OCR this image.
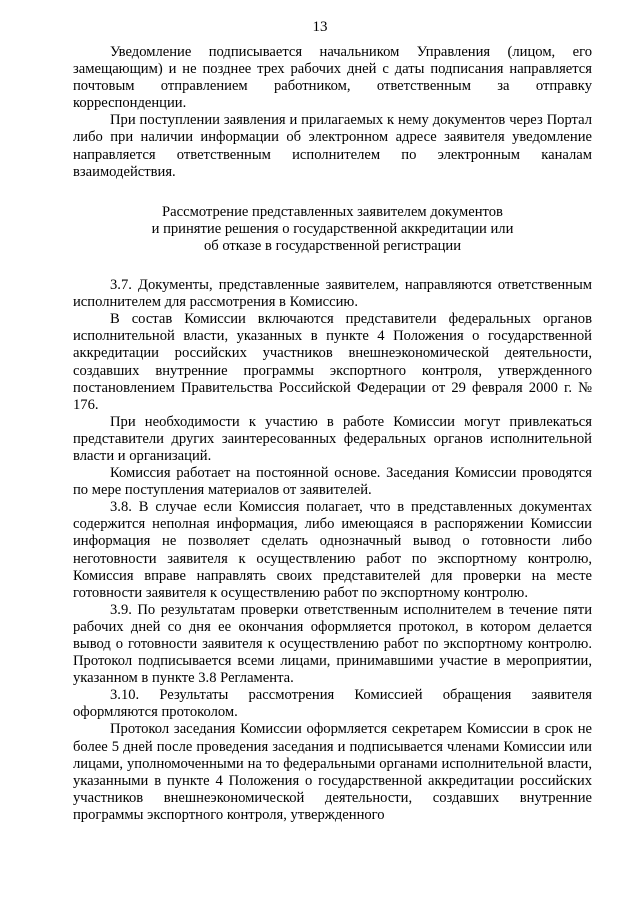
13

Уведомление подписывается начальником Управления (лицом, его замещающим) и не позднее трех рабочих дней с даты подписания направляется почтовым отправлением работником, ответственным за отправку корреспонденции.

При поступлении заявления и прилагаемых к нему документов через Портал либо при наличии информации об электронном адресе заявителя уведомление направляется ответственным исполнителем по электронным каналам взаимодействия.

Рассмотрение представленных заявителем документов
и принятие решения о государственной аккредитации или
об отказе в государственной регистрации

3.7. Документы, представленные заявителем, направляются ответственным исполнителем для рассмотрения в Комиссию.

В состав Комиссии включаются представители федеральных органов исполнительной власти, указанных в пункте 4 Положения о государственной аккредитации российских участников внешнеэкономической деятельности, создавших внутренние программы экспортного контроля, утвержденного постановлением Правительства Российской Федерации от 29 февраля 2000 г. № 176.

При необходимости к участию в работе Комиссии могут привлекаться представители других заинтересованных федеральных органов исполнительной власти и организаций.

Комиссия работает на постоянной основе. Заседания Комиссии проводятся по мере поступления материалов от заявителей.

3.8. В случае если Комиссия полагает, что в представленных документах содержится неполная информация, либо имеющаяся в распоряжении Комиссии информация не позволяет сделать однозначный вывод о готовности либо неготовности заявителя к осуществлению работ по экспортному контролю, Комиссия вправе направлять своих представителей для проверки на месте готовности заявителя к осуществлению работ по экспортному контролю.

3.9. По результатам проверки ответственным исполнителем в течение пяти рабочих дней со дня ее окончания оформляется протокол, в котором делается вывод о готовности заявителя к осуществлению работ по экспортному контролю. Протокол подписывается всеми лицами, принимавшими участие в мероприятии, указанном в пункте 3.8 Регламента.

3.10. Результаты рассмотрения Комиссией обращения заявителя оформляются протоколом.

Протокол заседания Комиссии оформляется секретарем Комиссии в срок не более 5 дней после проведения заседания и подписывается членами Комиссии или лицами, уполномоченными на то федеральными органами исполнительной власти, указанными в пункте 4 Положения о государственной аккредитации российских участников внешнеэкономической деятельности, создавших внутренние программы экспортного контроля, утвержденного
